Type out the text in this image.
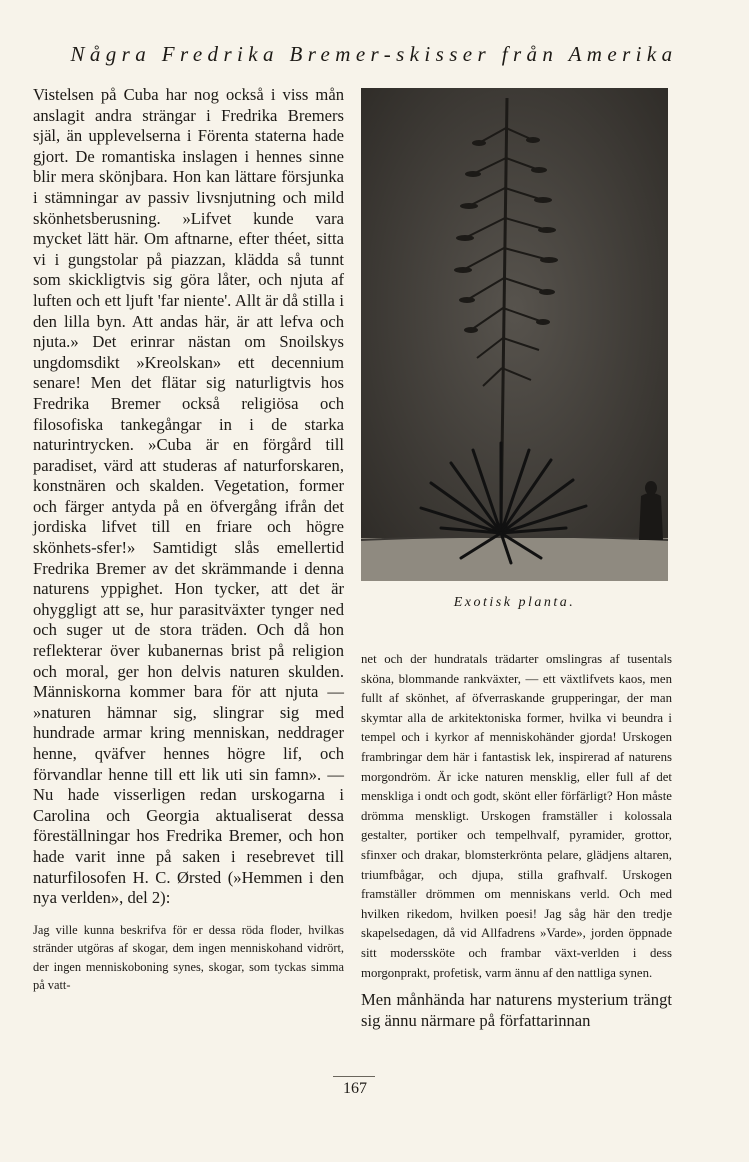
Några Fredrika Bremer-skisser från Amerika

Vistelsen på Cuba har nog också i viss mån anslagit andra strängar i Fredrika Bremers själ, än upplevelserna i Förenta staterna hade gjort. De romantiska inslagen i hennes sinne blir mera skönjbara. Hon kan lättare försjunka i stämningar av passiv livsnjutning och mild skönhetsberusning. »Lifvet kunde vara mycket lätt här. Om aftnarne, efter théet, sitta vi i gungstolar på piazzan, klädda så tunnt som skickligtvis sig göra låter, och njuta af luften och ett ljuft 'far niente'. Allt är då stilla i den lilla byn. Att andas här, är att lefva och njuta.» Det erinrar nästan om Snoilskys ungdomsdikt »Kreolskan» ett decennium senare! Men det flätar sig naturligtvis hos Fredrika Bremer också religiösa och filosofiska tankegångar in i de starka naturintrycken. »Cuba är en förgård till paradiset, värd att studeras af naturforskaren, konstnären och skalden. Vegetation, former och färger antyda på en öfvergång ifrån det jordiska lifvet till en friare och högre skönhets-sfer!» Samtidigt slås emellertid Fredrika Bremer av det skrämmande i denna naturens yppighet. Hon tycker, att det är ohyggligt att se, hur parasitväxter tynger ned och suger ut de stora träden. Och då hon reflekterar över kubanernas brist på religion och moral, ger hon delvis naturen skulden. Människorna kommer bara för att njuta — »naturen hämnar sig, slingrar sig med hundrade armar kring menniskan, neddrager henne, qväfver hennes högre lif, och förvandlar henne till ett lik uti sin famn». — Nu hade visserligen redan urskogarna i Carolina och Georgia aktualiserat dessa föreställningar hos Fredrika Bremer, och hon hade varit inne på saken i resebrevet till naturfilosofen H. C. Ørsted (»Hemmen i den nya verlden», del 2):

Jag ville kunna beskrifva för er dessa röda floder, hvilkas stränder utgöras af skogar, dem ingen menniskohand vidrört, der ingen menniskoboning synes, skogar, som tyckas simma på vatt-

Exotisk planta.

net och der hundratals trädarter omslingras af tusentals sköna, blommande rankväxter, — ett växtlifvets kaos, men fullt af skönhet, af öfverraskande grupperingar, der man skymtar alla de arkitektoniska former, hvilka vi beundra i tempel och i kyrkor af menniskohänder gjorda! Urskogen frambringar dem här i fantastisk lek, inspirerad af naturens morgondröm. Är icke naturen mensklig, eller full af det menskliga i ondt och godt, skönt eller förfärligt? Hon måste drömma menskligt. Urskogen framställer i kolossala gestalter, portiker och tempelhvalf, pyramider, grottor, sfinxer och drakar, blomsterkrönta pelare, glädjens altaren, triumfbågar, och djupa, stilla grafhvalf. Urskogen framställer drömmen om menniskans verld. Och med hvilken rikedom, hvilken poesi! Jag såg här den tredje skapelsedagen, då vid Allfadrens »Varde», jorden öppnade sitt moderssköte och frambar växt-verlden i dess morgonprakt, profetisk, varm ännu af den nattliga synen.

Men månhända har naturens mysterium trängt sig ännu närmare på författarinnan

167
